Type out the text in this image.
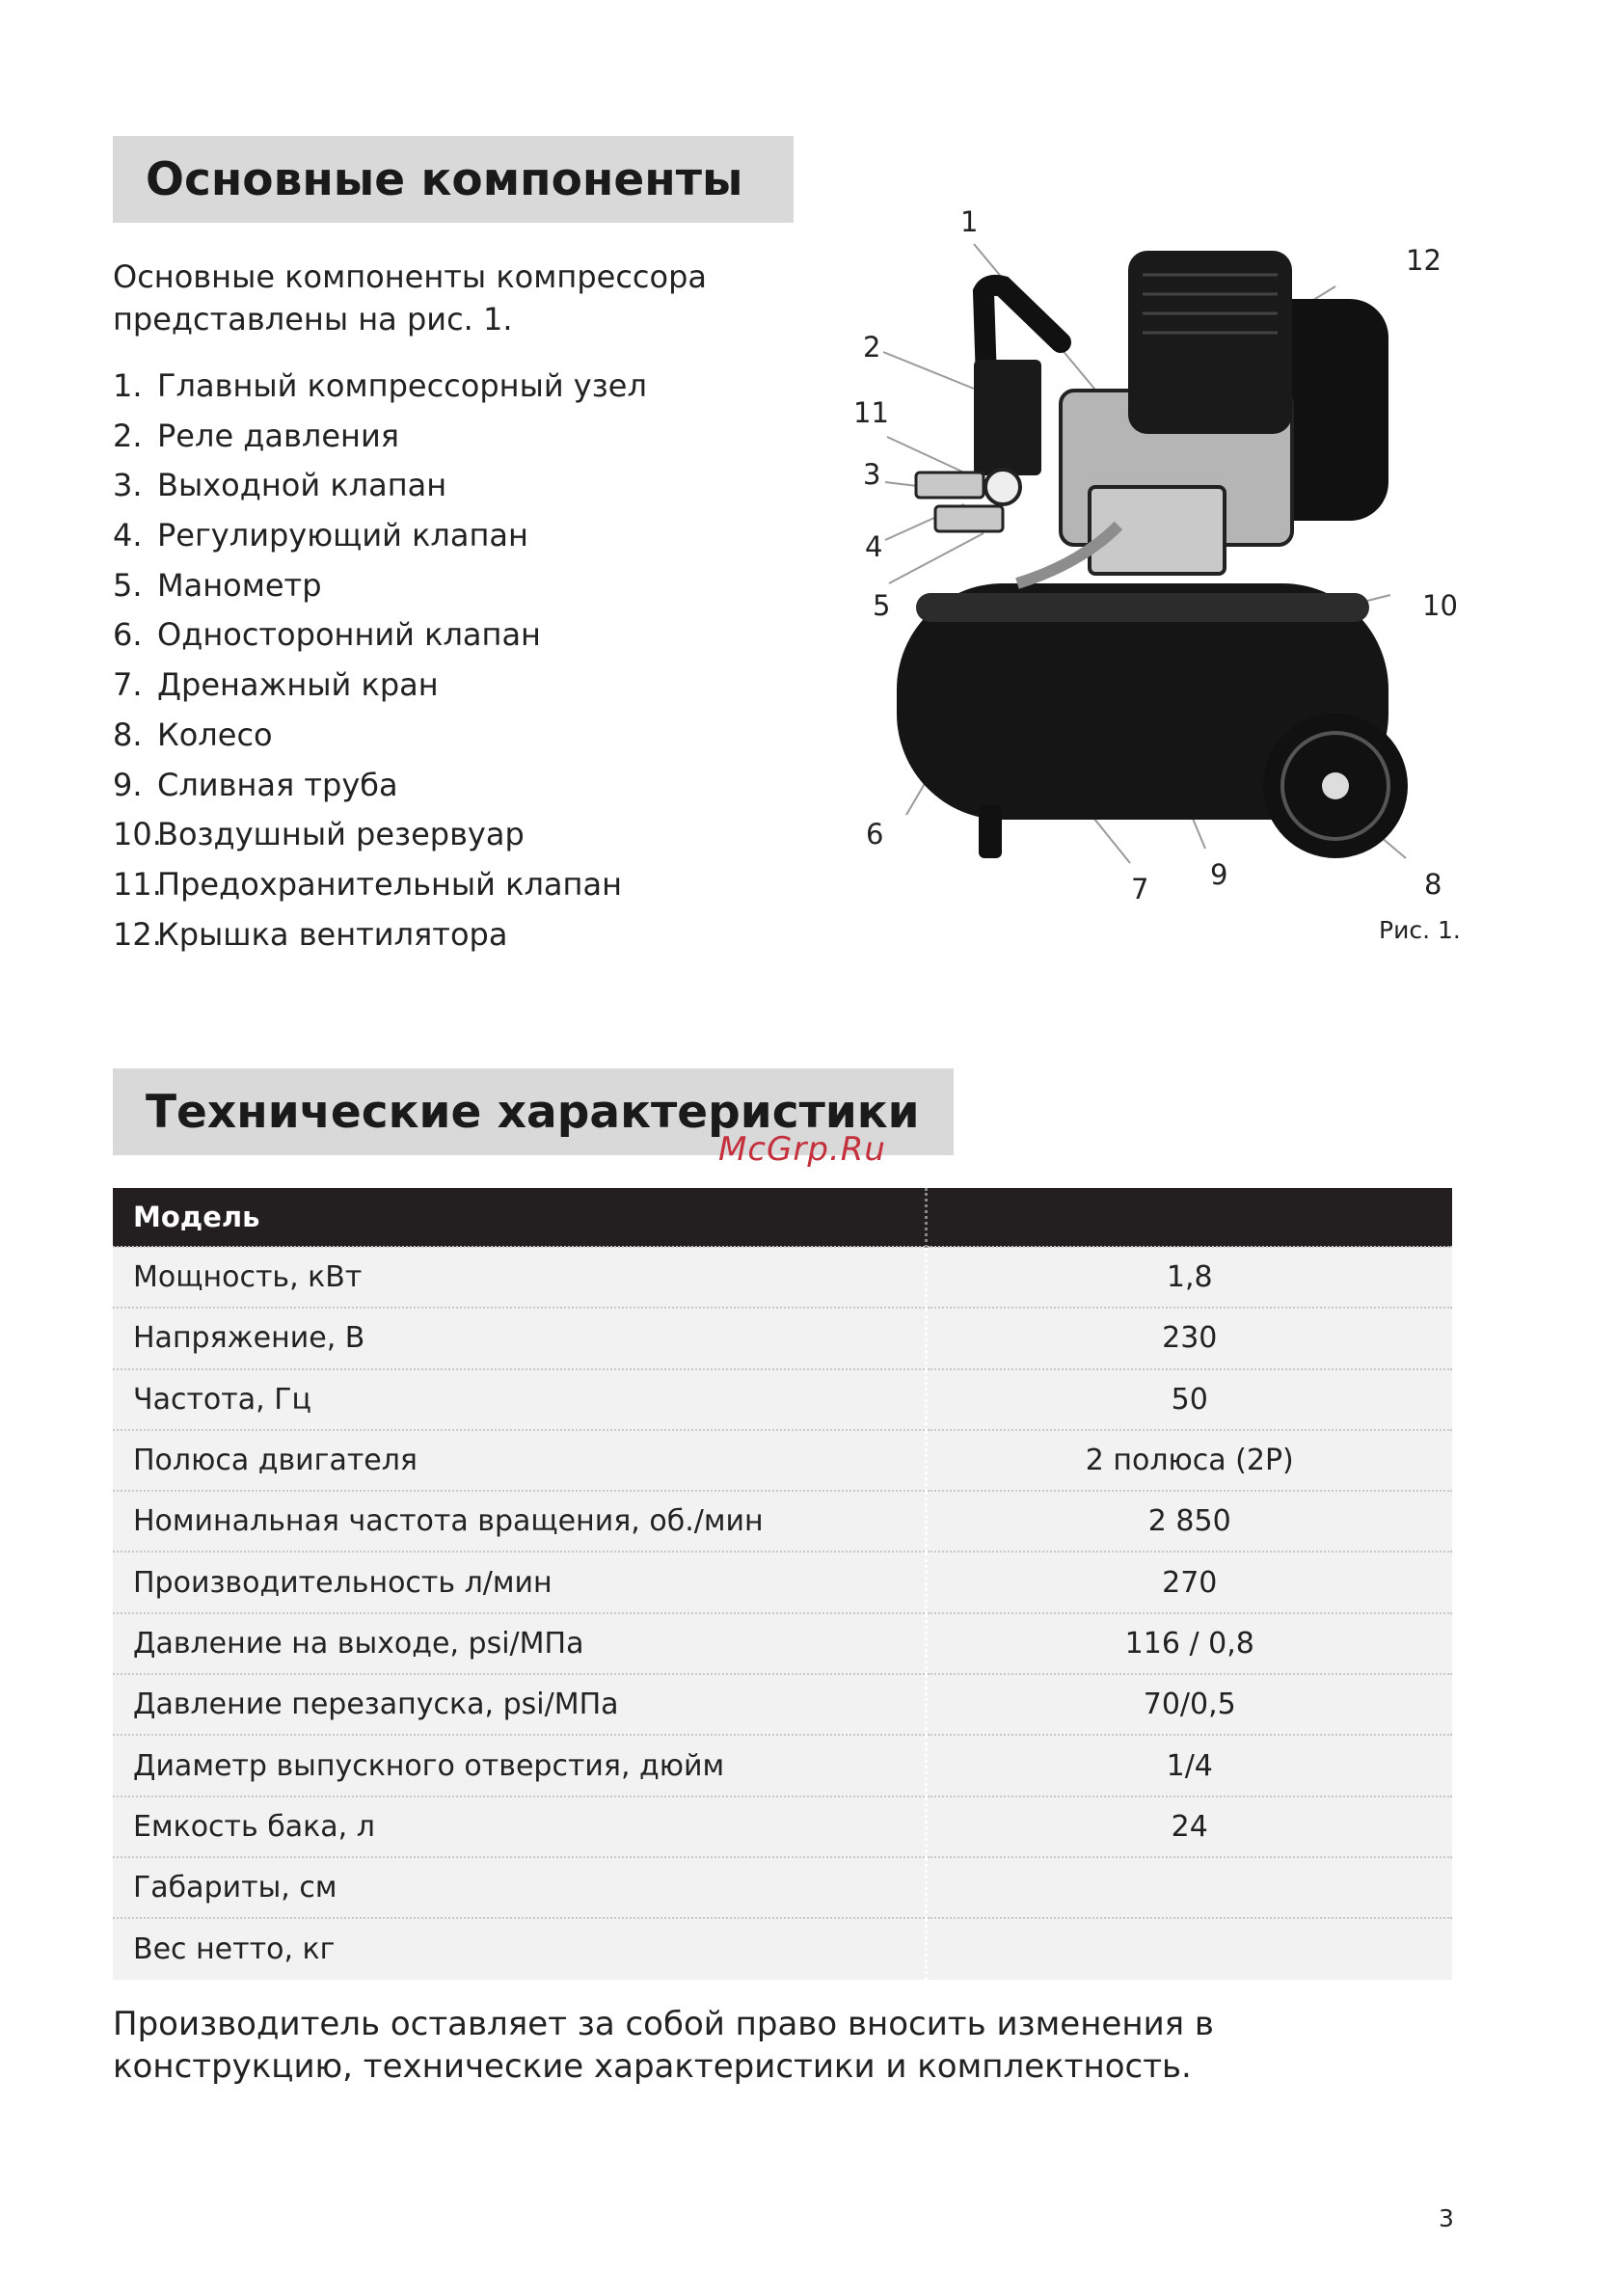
Основные компоненты

Основные компоненты компрессора представлены на рис. 1.

1. Главный компрессорный узел
2. Реле давления
3. Выходной клапан
4. Регулирующий клапан
5. Манометр
6. Односторонний клапан
7. Дренажный кран
8. Колесо
9. Сливная труба
10.
Воздушный резервуар
11.
Предохранительный клапан
12.
Крышка вентилятора
1
2
3
4
5
6
7	8
9
10
11
12
Рис. 1.
Технические характеристики
McGrp.Ru
Модель	
Мощность, кВт	1,8
Напряжение, В	230
Частота, Гц	50
Полюса двигателя	2 полюса (2P)
Номинальная частота вращения, об./мин	2 850
Производительность л/мин	270
Давление на выходе, psi/МПа	116 / 0,8
Давление перезапуска, psi/МПа	70/0,5
Диаметр выпускного отверстия, дюйм	1/4
Емкость бака, л	24
Габариты, см	
Вес нетто, кг	

Производитель оставляет за собой право вносить изменения в конструкцию, технические характеристики и комплектность.

3
